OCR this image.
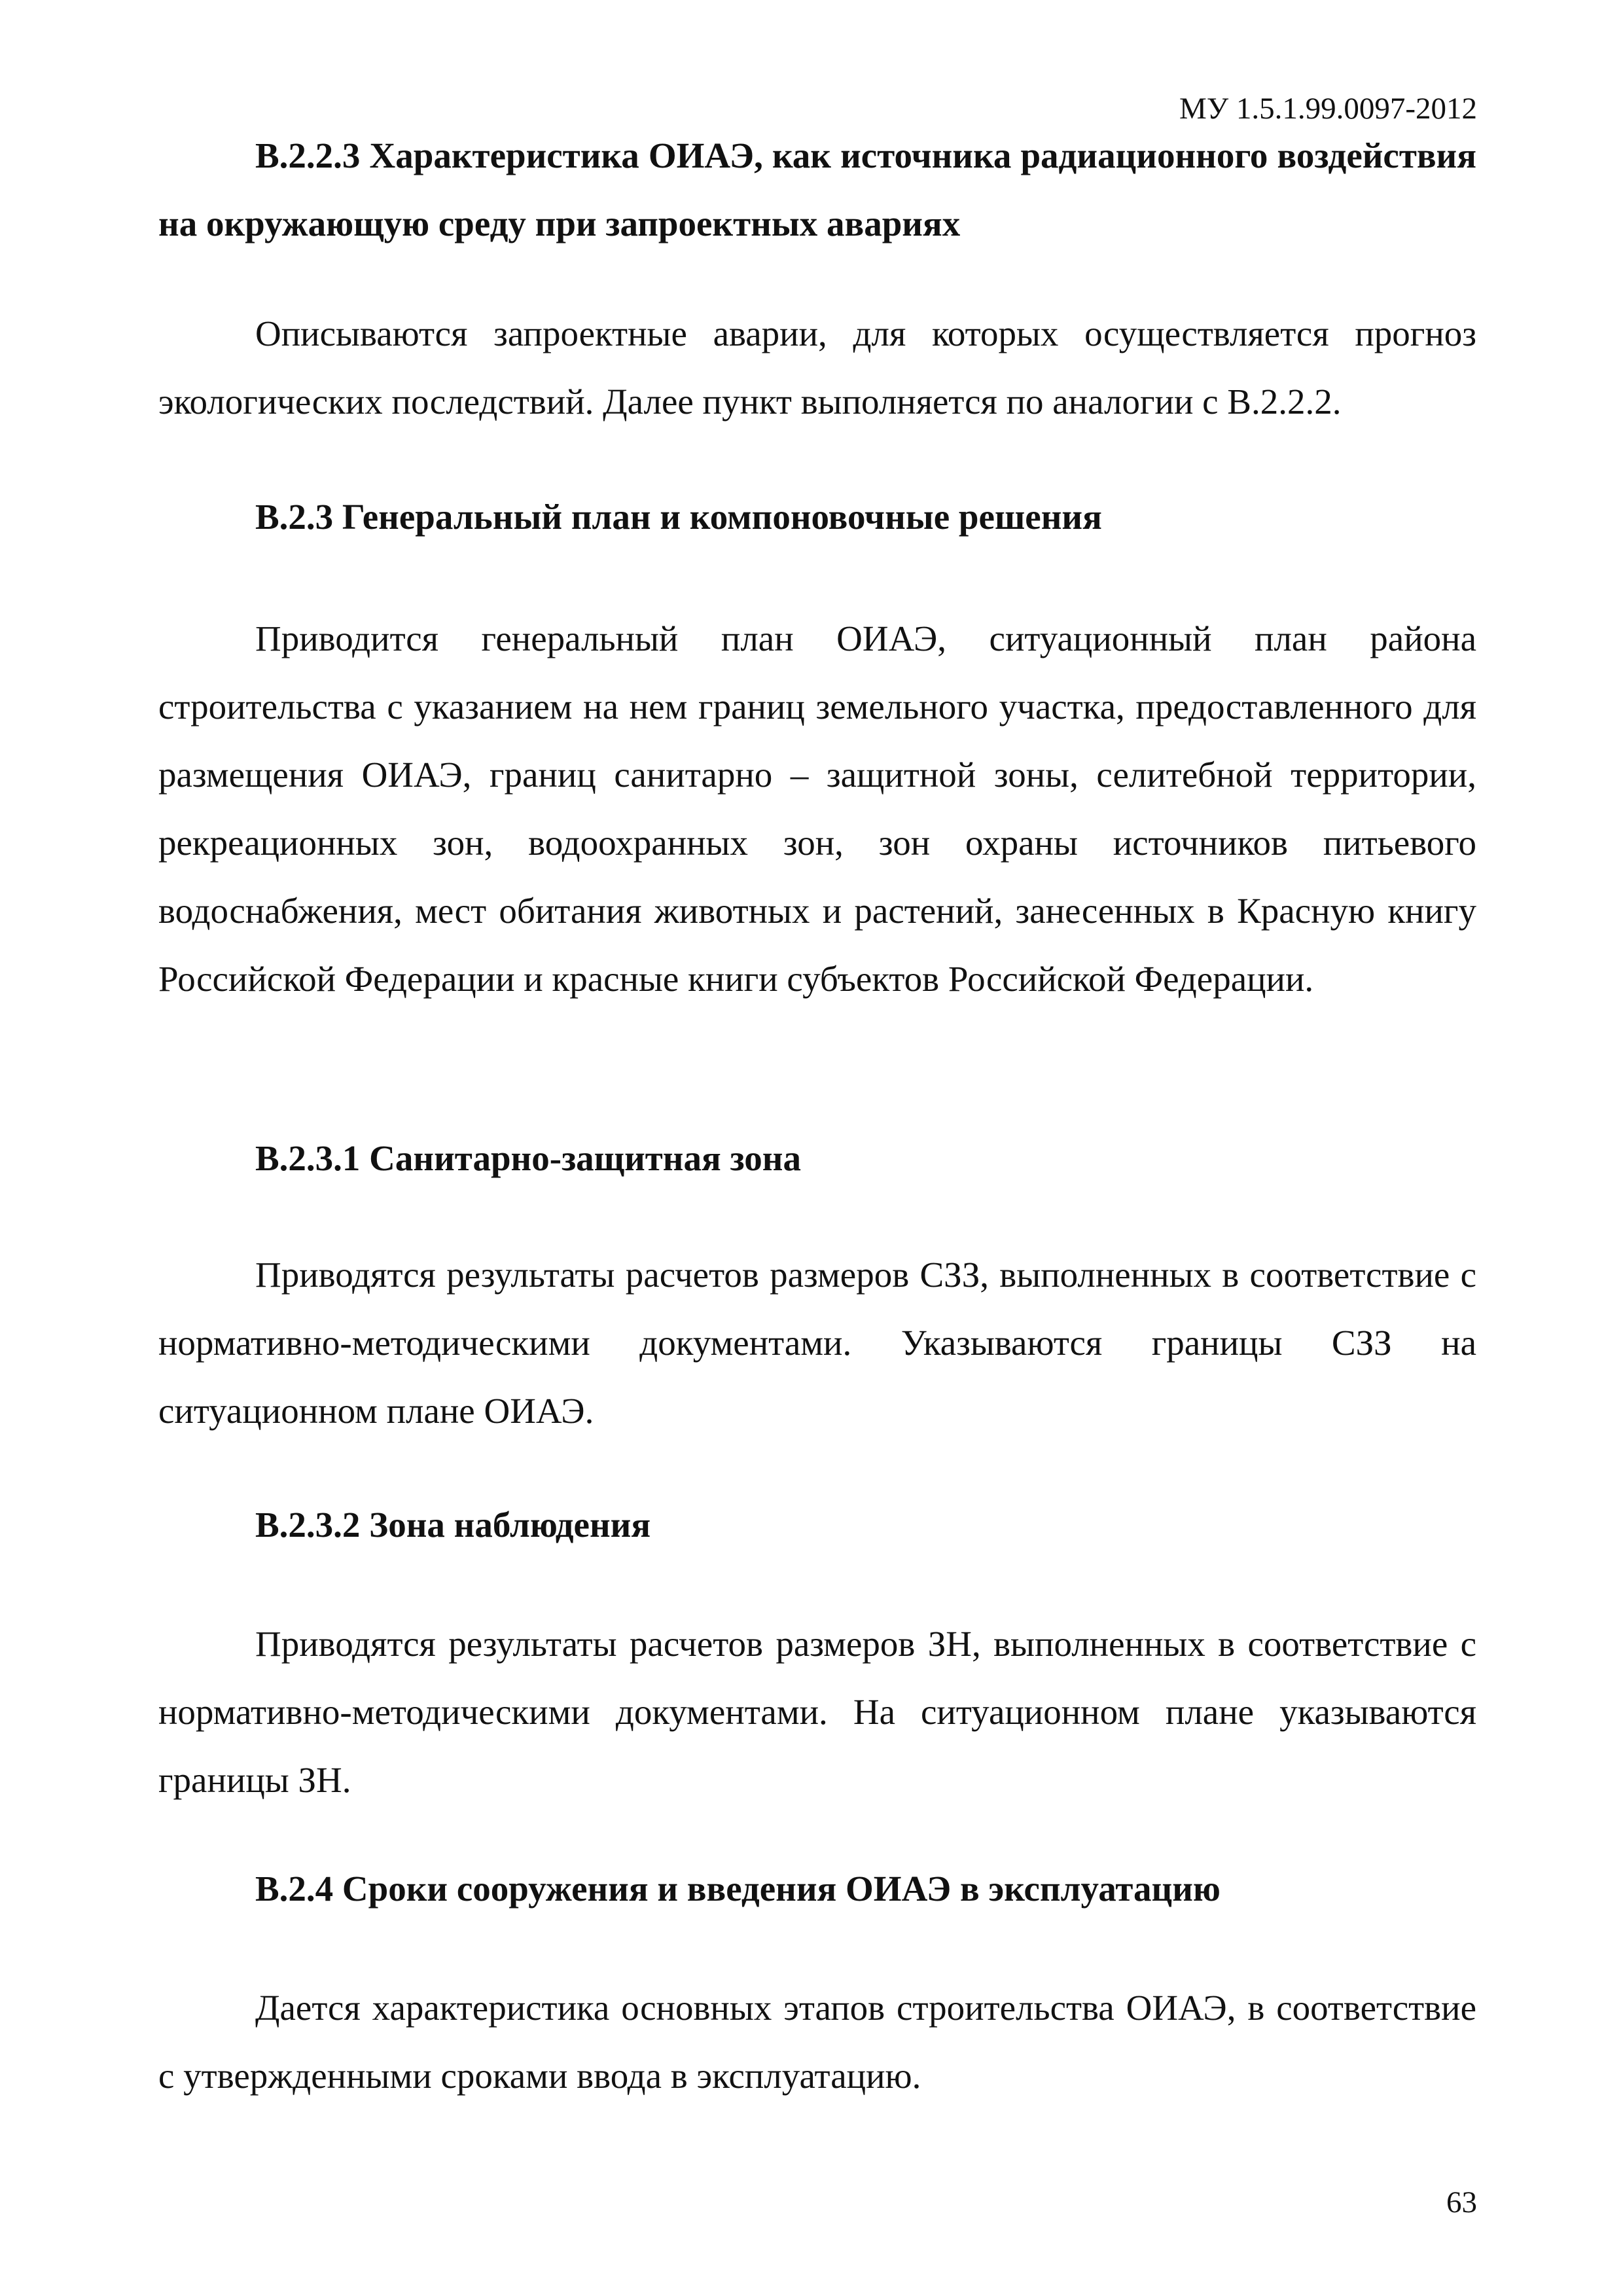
МУ 1.5.1.99.0097-2012

В.2.2.3 Характеристика ОИАЭ, как источника радиационного воздействия на окружающую среду при запроектных авариях

Описываются запроектные аварии, для которых осуществляется прогноз экологических последствий. Далее пункт выполняется по аналогии с В.2.2.2.

В.2.3 Генеральный план и компоновочные решения

Приводится генеральный план ОИАЭ, ситуационный план района строительства с указанием на нем границ земельного участка, предоставленного для размещения ОИАЭ, границ санитарно – защитной зоны, селитебной территории, рекреационных зон, водоохранных зон, зон охраны источников питьевого водоснабжения, мест обитания животных и растений, занесенных в Красную книгу Российской Федерации и красные книги субъектов Российской Федерации.

В.2.3.1 Санитарно-защитная зона

Приводятся результаты расчетов размеров СЗЗ, выполненных в соответствие с нормативно-методическими документами. Указываются границы СЗЗ на ситуационном плане ОИАЭ.

В.2.3.2 Зона наблюдения

Приводятся результаты расчетов размеров ЗН, выполненных в соответствие с нормативно-методическими документами. На ситуационном плане указываются границы ЗН.

В.2.4 Сроки сооружения и введения ОИАЭ в эксплуатацию

Дается характеристика основных этапов строительства ОИАЭ, в соответствие с утвержденными сроками ввода в эксплуатацию.

63
